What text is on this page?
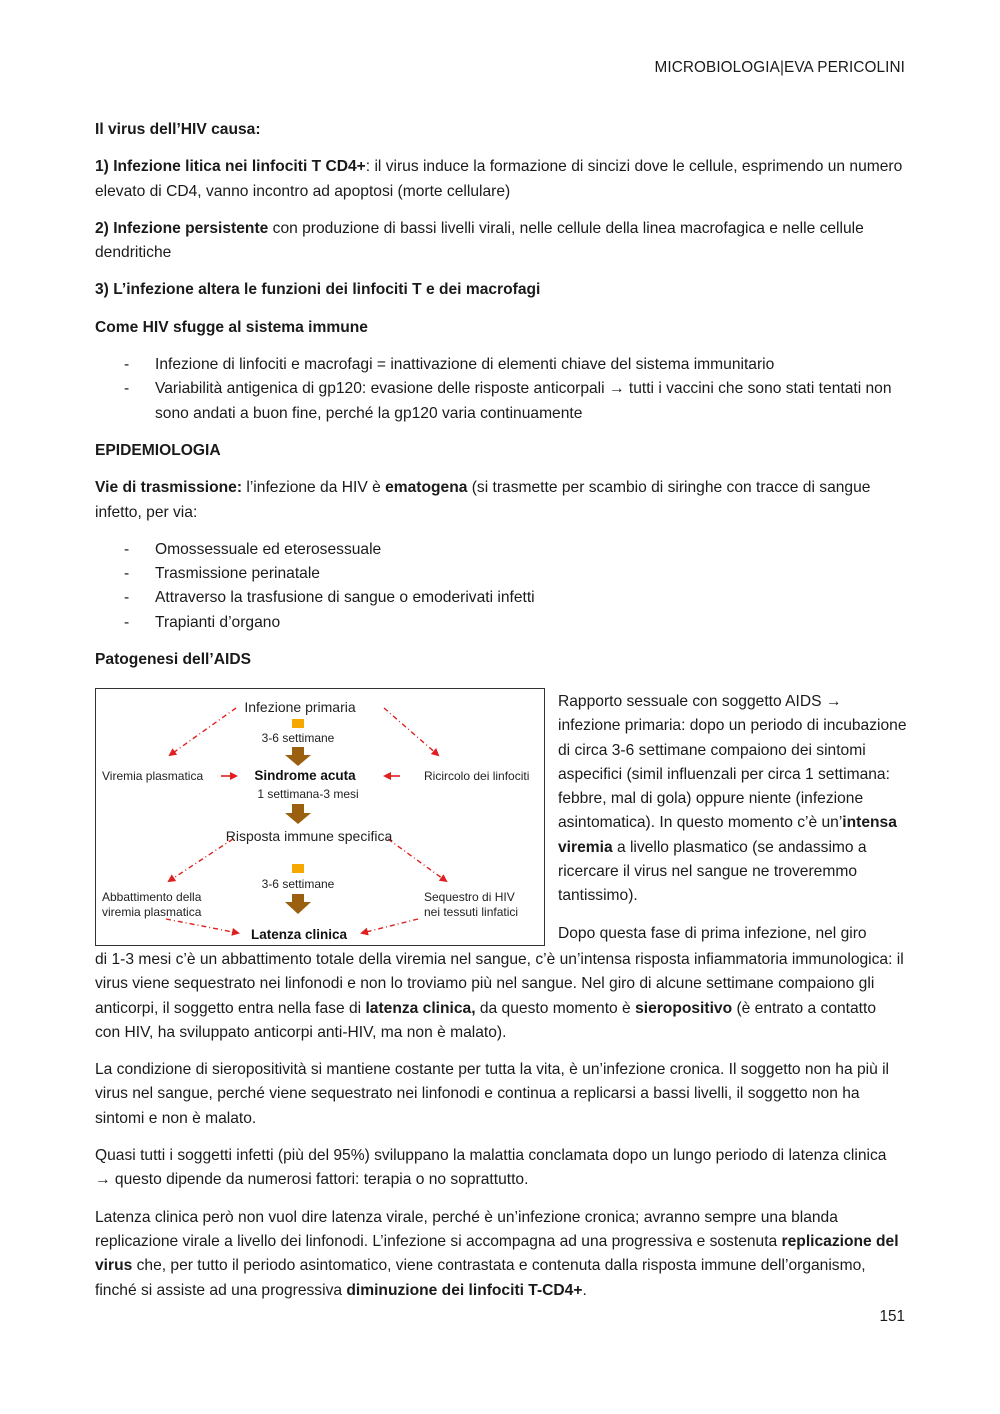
MICROBIOLOGIA|EVA PERICOLINI

Il virus dell’HIV causa:

1) Infezione litica nei linfociti T CD4+: il virus induce la formazione di sincizi dove le cellule, esprimendo un numero elevato di CD4, vanno incontro ad apoptosi (morte cellulare)

2) Infezione persistente con produzione di bassi livelli virali, nelle cellule della linea macrofagica e nelle cellule dendritiche

3) L’infezione altera le funzioni dei linfociti T e dei macrofagi

Come HIV sfugge al sistema immune

- Infezione di linfociti e macrofagi = inattivazione di elementi chiave del sistema immunitario
- Variabilità antigenica di gp120: evasione delle risposte anticorpali → tutti i vaccini che sono stati tentati non sono andati a buon fine, perché la gp120 varia continuamente

EPIDEMIOLOGIA

Vie di trasmissione: l’infezione da HIV è ematogena (si trasmette per scambio di siringhe con tracce di sangue infetto, per via:

- Omossessuale ed eterosessuale
- Trasmissione perinatale
- Attraverso la trasfusione di sangue o emoderivati infetti
- Trapianti d’organo

Patogenesi dell’AIDS

Infezione primaria
3-6 settimane
Viremia plasmatica	Sindrome acuta	Ricircolo dei linfociti
1 settimana-3 mesi
Risposta immune specifica
3-6 settimane
Abbattimento della
viremia plasmatica
Sequestro di HIV
nei tessuti linfatici
Latenza clinica

Rapporto sessuale con soggetto AIDS → infezione primaria: dopo un periodo di incubazione di circa 3-6 settimane compaiono dei sintomi aspecifici (simil influenzali per circa 1 settimana: febbre, mal di gola) oppure niente (infezione asintomatica). In questo momento c’è un’intensa viremia a livello plasmatico (se andassimo a ricercare il virus nel sangue ne troveremmo tantissimo).

Dopo questa fase di prima infezione, nel giro

di 1-3 mesi c’è un abbattimento totale della viremia nel sangue, c’è un’intensa risposta infiammatoria immunologica: il virus viene sequestrato nei linfonodi e non lo troviamo più nel sangue. Nel giro di alcune settimane compaiono gli anticorpi, il soggetto entra nella fase di latenza clinica, da questo momento è sieropositivo (è entrato a contatto con HIV, ha sviluppato anticorpi anti-HIV, ma non è malato).

La condizione di sieropositività si mantiene costante per tutta la vita, è un’infezione cronica. Il soggetto non ha più il virus nel sangue, perché viene sequestrato nei linfonodi e continua a replicarsi a bassi livelli, il soggetto non ha sintomi e non è malato.

Quasi tutti i soggetti infetti (più del 95%) sviluppano la malattia conclamata dopo un lungo periodo di latenza clinica → questo dipende da numerosi fattori: terapia o no soprattutto.

Latenza clinica però non vuol dire latenza virale, perché è un’infezione cronica; avranno sempre una blanda replicazione virale a livello dei linfonodi. L’infezione si accompagna ad una progressiva e sostenuta replicazione del virus che, per tutto il periodo asintomatico, viene contrastata e contenuta dalla risposta immune dell’organismo, finché si assiste ad una progressiva diminuzione dei linfociti T-CD4+.

151
